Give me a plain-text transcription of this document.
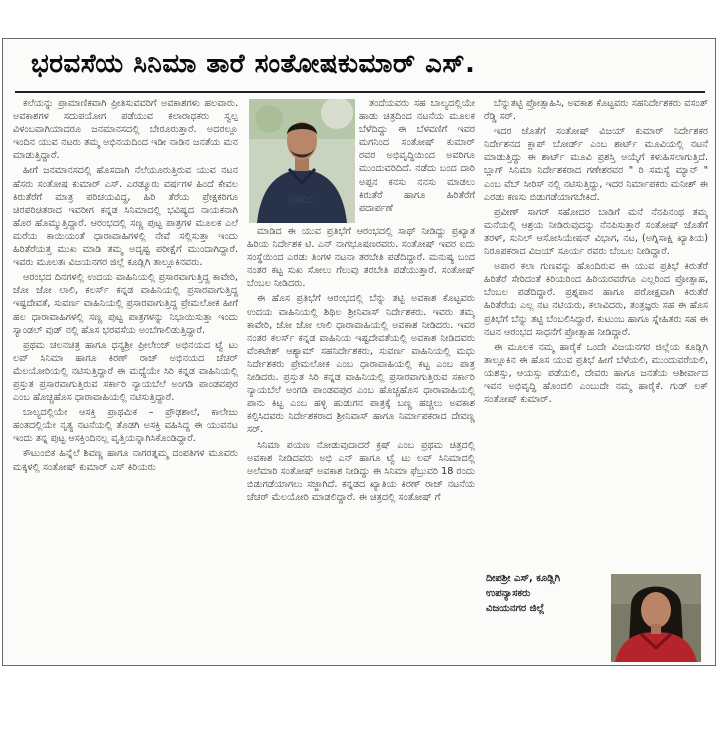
ಭರವಸೆಯ ಸಿನಿಮಾ ತಾರೆ ಸಂತೋಷಕುಮಾರ್ ಎಸ್.

ಕಲೆಯನ್ನು ಪ್ರಾಮಾಣಿಕವಾಗಿ ಪ್ರೀತಿಸುವವರಿಗೆ ಅವಕಾಶಗಳು ಹಲವಾರು. ಅವಕಾಶಗಳ ಸದುಪಯೋಗ ಪಡೆಯುವ ಕಲಾರಾಧಕರು ಸ್ವಲ್ಪ ವಿಳಂಬವಾಗಿಯಾದರೂ ಜನಮಾನಸದಲ್ಲಿ ಬೇರೂರುತ್ತಾರೆ. ಅದರಲ್ಲೂ ಇಂದಿನ ಯುವ ನಟರು ತಮ್ಮ ಅಭಿನಯದಿಂದ ಇಡೀ ನಾಡಿನ ಜನತೆಯ ಮನ ಮಾಡುತ್ತಿದ್ದಾರೆ.

ಹೀಗೆ ಜನಮಾನಸದಲ್ಲಿ ಹೊಸದಾಗಿ ನೆಲೆಯೂರುತ್ತಿರುವ ಯುವ ನಟನ ಹೆಸರು ಸಂತೋಷ ಕುಮಾರ್ ಎಸ್. ಎರಡ್ಮೂರು ವರ್ಷಗಳ ಹಿಂದೆ ಕೇವಲ ಕಿರುತೆರೆಗೆ ಮಾತ್ರ ಪರಿಚಯವಿದ್ದ, ಹಿರಿ ತೆರೆಯ ಪ್ರೇಕ್ಷಕರಿಗೂ ಚಿರಪರಿಚಿತರಾದ ಇವರೀಗ ಕನ್ನಡ ಸಿನಿಮಾದಲ್ಲಿ ಭವಿಷ್ಯದ ನಾಯಕನಾಗಿ ಹೊರ ಹೊಮ್ಮುತ್ತಿದ್ದಾರೆ. ಆರಂಭದಲ್ಲಿ ಸಣ್ಣ ಪುಟ್ಟ ಪಾತ್ರಗಳ ಮೂಲಕ ಎಲೆ ಮರೆಯ ಕಾಯಿಯಂತೆ ಧಾರಾವಾಹಿಗಳಲ್ಲಿ ನೇವೆ ಸಲ್ಲಿಸುತ್ತಾ ಇಂದು ಹಿರಿತೆರೆಯತ್ತ ಮುಖ ಮಾಡಿ ತಮ್ಮ ಅದೃಷ್ಟ ಪರೀಕ್ಷೆಗೆ ಮುಂದಾಗಿದ್ದಾರೆ. ಇವರು ಮೂಲತಃ ವಿಜಯನಗರ ಜಿಲ್ಲೆ ಕೂಡ್ಲಿಗಿ ತಾಲ್ಲೂಕಿನವರು.

ಆರಂಭದ ದಿನಗಳಲ್ಲಿ ಉದಯ ವಾಹಿನಿಯಲ್ಲಿ ಪ್ರಸಾರವಾಗುತ್ತಿದ್ದ ಕಾವೇರಿ, ಜೋ ಜೋ ಲಾಲಿ, ಕಲರ್ಸ್ ಕನ್ನಡ ವಾಹಿನಿಯಲ್ಲಿ ಪ್ರಸಾರವಾಗುತ್ತಿದ್ದ ಇಷ್ಟದೇವತೆ, ಸುವರ್ಣ ವಾಹಿನಿಯಲ್ಲಿ ಪ್ರಸಾರವಾಗುತ್ತಿದ್ದ ಪ್ರೇಮಲೋಕ ಹೀಗೆ ಹಲ ಧಾರಾವಾಹಿಗಳಲ್ಲಿ ಸಣ್ಣ ಪುಟ್ಟ ಪಾತ್ರಗಳನ್ನು ನಿಭಾಯಿಸುತ್ತಾ ಇಂದು ಸ್ಯಾಂಡಲ್ ವುಡ್ ನಲ್ಲಿ ಹೊಸ ಭರವಸೆಯ ಅಂಬೆಗಾಲಿಡುತ್ತಿದ್ದಾರೆ.

ಪ್ರಥಮ ಚಲನಚಿತ್ರ ಹಾಗೂ ಧನ್ಯಶ್ರೀ ಪ್ರೀಲೇಂಜ್ ಅಭಿನಯದ ಟ್ವೆ ಟು ಲವ್ ಸಿನಿಮಾ ಹಾಗೂ ಕಿರಣ್ ರಾಜ್ ಅಭಿನಯದ ಚೆಚರ್ ಮೆಲಯೋರಿಯಲ್ಲಿ ನಟಿಸುತ್ತಿದ್ದಾರೆ ಈ ಮಧ್ಯೆಯೇ ಸಿರಿ ಕನ್ನಡ ವಾಹಿನಿಯಲ್ಲಿ ಪ್ರಸ್ತುತ ಪ್ರಸಾರವಾಗುತ್ತಿರುವ ಸರ್ಕಾರಿ ನ್ಯಾಯಬೆಲೆ ಅಂಗಡಿ ಪಾಂಡವಪುರ ಎಂಬ ಹೊಚ್ಚಹೊಸ ಧಾರಾವಾಹಿಯಲ್ಲಿ ನಟಿಸುತ್ತಿದ್ದಾರೆ.

ಬಾಲ್ಯದಲ್ಲಿಯೇ ಆಸಕ್ತಿ ಪ್ರಾಥಮಿಕ – ಪ್ರೌಢಶಾಲೆ, ಕಾಲೇಜು ಹಂತದಲ್ಲಿಯೇ ನೃತ್ಯ ನಟನೆಯಲ್ಲಿ ತೊಡಗಿ ಅಸಕ್ತಿ ವಹಿಸಿದ್ದ ಈ ಯುವನಟ ಇಂದು ತನ್ನ ಪುಟ್ಟ ಆಸಕ್ತಿಂದಿನಲ್ಲ ವೃತ್ತಿಯನ್ನಾಗಿಸಿಕೊಂಡಿದ್ದಾರೆ.

ಕೌಟುಂಬಿಕ ಹಿನ್ನೆಲೆ ಶಿವಣ್ಣ ಹಾಗೂ ನಾಗರತ್ನಮ್ಮ ದಂಪತಿಗಳ ಮೂವರು ಮಕ್ಕಳಲ್ಲಿ ಸಂತೋಷ್ ಕುಮಾರ್ ಎಸ್ ಕಿರಿಯರು

GUCC

ತಂದೆಯವರು ಸಹ ಬಾಲ್ಯದಲ್ಲಿಯೇ ಹಾಡು ಚಿತ್ರದಿಂದ ನಟನೆಯ ಮೂಲಕ ಬೆಳೆದಿದ್ದು ಈ ಬೆಳವಣಿಗೆ ಇವರ ಮಗನಿಂದ ಸಂತೋಷ್ ಕುಮಾರ್ ರವರ ಅಭಿವೃದ್ಧಿಯಿಂದ ಅವರಿಗೂ ಮುಂದುವರಿದಿದೆ. ನಡೆದು ಬಂದ ದಾರಿ ಅಪ್ಪನ ಕನಸು ನನಸು ಮಾಡಲು ಕಿರುತೆರೆ ಹಾಗೂ ಹಿರಿತೆರೆಗೆ ಪದಾರ್ಪಣೆ

ಮಾಡಿದ ಈ ಯುವ ಪ್ರತಿಭೆಗೆ ಆರಂಭದಲ್ಲಿ ಸಾಥ್ ನೀಡಿದ್ದು ಪ್ರಖ್ಯಾತ ಹಿರಿಯ ನಿರ್ದೇಶಕ ಟಿ. ಎನ್ ನಾಗಭೂಷಣರವರು. ಸಂತೋಷ್ ಇವರ ಐದು ಸಂಸ್ಥೆಯಿಂದ ಎರಡು ತಿಂಗಳ ನಟನಾ ತರಬೇತಿ ಪಡೆದಿದ್ದಾರೆ. ಮನುಷ್ಯ ಬಂದ ನಂತರ ಕಟ್ಟ ಸುಖ ಸೋಲು ಗೆಲುವು ತರಬೇತಿ ಪಡೆಯುತ್ತಾರೆ. ಸಂತೋಷ್ ಬೆಂಬಲ ನೀಡಿದರು.

ಈ ಹೊಸ ಪ್ರತಿಭೆಗೆ ಆರಂಭದಲ್ಲಿ ಬೆನ್ನು ತಟ್ಟಿ ಅವಕಾಶ ಕೊಟ್ಟವರು ಉದಯ ವಾಹಿನಿಯಲ್ಲಿ ಶಿಥಿಲ ಶ್ರೀನಿವಾಸ್ ನಿರ್ದೇಶಕರು. ಇವರು ತಮ್ಮ ಕಾವೇರಿ, ಜೋ ಜೋ ಲಾಲಿ ಧಾರಾವಾಹಿಯಲ್ಲಿ ಅವಕಾಶ ನೀಡಿದರು. ಇವರ ನಂತರ ಕಲರ್ಸ್ ಕನ್ನಡ ವಾಹಿನಿಯ ಇಷ್ಟದೇವತೆಯಲ್ಲಿ ಅವಕಾಶ ನೀಡಿದವರು ವೆಂಕಟೇಶ್ ಆಶ್ಯಾಮ್ ಸಹನಿರ್ದೇಶಕರು, ಸುವರ್ಣ ವಾಹಿನಿಯಲ್ಲಿ ಮಧು ನಿರ್ದೇಶಕರು ಪ್ರೇಮಲೋಕ ಎಂಬ ಧಾರಾವಾಹಿಯಲ್ಲಿ ಕಟ್ಟ ಎಂಬ ಪಾತ್ರ ನೀಡಿದರು. ಪ್ರಸ್ತುತ ಸಿರಿ ಕನ್ನಡ ವಾಹಿನಿಯಲ್ಲಿ ಪ್ರಸಾರವಾಗುತ್ತಿರುವ ಸರ್ಕಾರಿ ನ್ಯಾಯಬೆಲೆ ಅಂಗಡಿ ಪಾಂಡವಪುರ ಎಂಬ ಹೊಚ್ಚಹೊಸ ಧಾರಾವಾಹಿಯಲ್ಲಿ ಪಾನು ಕಿಟ್ಟ ಎಂಬ ಹಳ್ಳಿ ಹುಡುಗನ ಪಾತ್ರಕ್ಕೆ ಬಣ್ಣ ಹಚ್ಚಲು ಅವಕಾಶ ಕಲ್ಪಿಸಿದವರು ನಿರ್ದೇಶಕರಾದ ಶ್ರೀನಿವಾಸ್ ಹಾಗೂ ನಿರ್ಮಾಪಕರಾದ ದೇವಣ್ಣ ಸರ್.

ಸಿನಿಮಾ ಪಯಣ ನೋಡುವುದಾದರೆ ಕ್ರಷ್ ಎಂಬ ಪ್ರಥಮ ಚಿತ್ರದಲ್ಲಿ ಅವಕಾಶ ನೀಡಿದವರು ಅಭಿ ಎನ್ ಹಾಗೂ ಟ್ವೆ ಟು ಲವ್ ಸಿನಿಮಾದಲ್ಲಿ ಅಲೆಮಾರಿ ಸಂತೋಷ್ ಅವಕಾಶ ನೀಡಿದ್ದು ಈ ಸಿನಿಮಾ ಫೆಬ್ರುವರಿ 18 ರಂದು ಬಿಡುಗಡೆಯಾಗಲು ಸಜ್ಜಾಗಿದೆ. ಕನ್ನಡದ ಖ್ಯಾತಿಯ ಕಿರಣ್ ರಾಜ್ ನಟನೆಯ ಚೆಚರ್ ಮೆಲಯೋರಿ ಮಾಡಲಿದ್ದಾರೆ. ಈ ಚಿತ್ರದಲ್ಲಿ ಸಂತೋಷ್ ಗೆ

ಬೆನ್ನುತಟ್ಟಿ ಪ್ರೋತ್ಸಾಹಿಸಿ, ಅವಕಾಶ ಕೊಟ್ಟವರು ಸಹನಿರ್ದೇಶಕರು ವಸಂತ್ ರೆಡ್ಡಿ ಸರ್.

ಇದರ ಜೊತೆಗೆ ಸಂತೋಷ್ ವಿಜಯ್ ಕುಮಾರ್ ನಿರ್ದೇಶಕರ ನಿರ್ದೇಶನದ ಕ್ಲಾಪ್ ಬೋರ್ಡ್ ಎಂಬ ಶಾರ್ಟ್ ಮೂವಿಯಲ್ಲಿ ನಟನೆ ಮಾಡುತ್ತಿದ್ದು ಈ ಶಾರ್ಟ್ ಮೂವಿ ಪ್ರಶಸ್ತಿ ಅಯ್ಕೆಗೆ ಕಳುಹಿಸಲಾಗುತ್ತಿದೆ. ಬ್ಲಾಗ್ ಸಿನಿಮಾ ನಿರ್ದೇಶಕರಾದ ಗಣೇಶರವರ " ರಿ ಸಮಸ್ಯೆ ಮ್ಯಾನ್ " ಎಂಬ ವೆಬ್ ಸೀರಿಸ್ ನಲ್ಲಿ ನಟಿಸುತ್ತಿದ್ದು, ಇದರ ನಿರ್ಮಾಪಕರು ಮನೀಶ್ ಈ ಎರಡು ಕಣಸು ಬಿಡುಗಡೆಯಾಗಬೇಕಿದೆ.

ಪ್ರವೀಣ್ ಸಾಗರ್ ಸಹೋದರ ಬಾಡಿಗೆ ಮನೆ ನೆನಪಿನಂಥ ತಮ್ಮ ಮನೆಯಲ್ಲಿ ಆಶ್ರಯ ನೀಡಿರುವುದನ್ನು ನೆನಪಿಸುತ್ತಾರೆ ಸಂತೋಷ್ ಜೊತೆಗೆ ತರಳ್, ಸುನಿಲ್ ಆಸೋಸಿಯೇಷನ್ ವಿಭಾಗ, ನಟ, (ಅಗ್ನಿಸಾಕ್ಷಿ ಖ್ಯಾತಿಯ) ನಿರೂಪಕರಾದ ವಿಜಯ್ ಸೂರ್ಯ ರವರು ಬೆಂಬಲ ನೀಡಿದ್ದಾರೆ.

ಅಪಾರ ಕಲಾ ಗುಣವನ್ನು ಹೊಂದಿರುವ ಈ ಯುವ ಪ್ರತಿಭೆ ಕಿರುತೆರೆ ಹಿರಿತೆರೆ ಸೇರಿದಂತೆ ಕಿರಿಯರಿಂದ ಹಿರಿಯರವರೆಗೂ ಎಲ್ಲರಿಂದ ಪ್ರೋತ್ಸಾಹ, ಬೆಂಬಲ ಪಡೆದಿದ್ದಾರೆ. ಪ್ರಶ್ನಪಾನ ಹಾಗೂ ಪರೋಕ್ಷವಾಗಿ ಕಿರುತೆರೆ ಹಿರಿತೆರೆಯ ಎಲ್ಲ ನಟ ನಟಿಯರು, ಕಲಾವಿದರು, ತಂತ್ರಜ್ಞರು ಸಹ ಈ ಹೊಸ ಪ್ರತಿಭೆಗೆ ಬೆನ್ನು ತಟ್ಟಿ ಬೆಂಬಲಿಸಿದ್ದಾರೆ. ಕುಟುಂಬ ಹಾಗೂ ಸ್ನೇಹಿತರು ಸಹ ಈ ನಟನ ಆರಂಭದ ಸಾಧನೆಗೆ ಪ್ರೋತ್ಸಾಹ ನೀಡಿದ್ದಾರೆ.

ಈ ಮೂಲಕ ನಮ್ಮ ಹಾರೈಕೆ ಒಂದೇ ವಿಜಯನಗರ ಜಿಲ್ಲೆಯ ಕೂಡ್ಲಿಗಿ ತಾಲ್ಲೂಕಿನ ಈ ಹೊಸ ಯುವ ಪ್ರತಿಭೆ ಹೀಗೆ ಬೆಳೆಯಲಿ, ಮುಂದುವರೆಯಲಿ, ಯಶಸ್ಸು, ಆಯಸ್ಸು ಪಡೆಯಲಿ, ದೇವರು ಹಾಗೂ ಜನತೆಯ ಆಶೀರ್ವಾದ ಇವನ ಅಭಿವೃದ್ಧಿ ಹೊಂದಲಿ ಎಂಬುದೇ ನಮ್ಮ ಹಾರೈಕೆ. ಗುಡ್ ಲಕ್ ಸಂತೋಷ್ ಕುಮಾರ್.

ದೀಪಶ್ರೀ ಎಸ್, ಕೂಡ್ಲಿಗಿ
ಉಪನ್ಯಾಸಕರು
ವಿಜಯನಗರ ಜಿಲ್ಲೆ
